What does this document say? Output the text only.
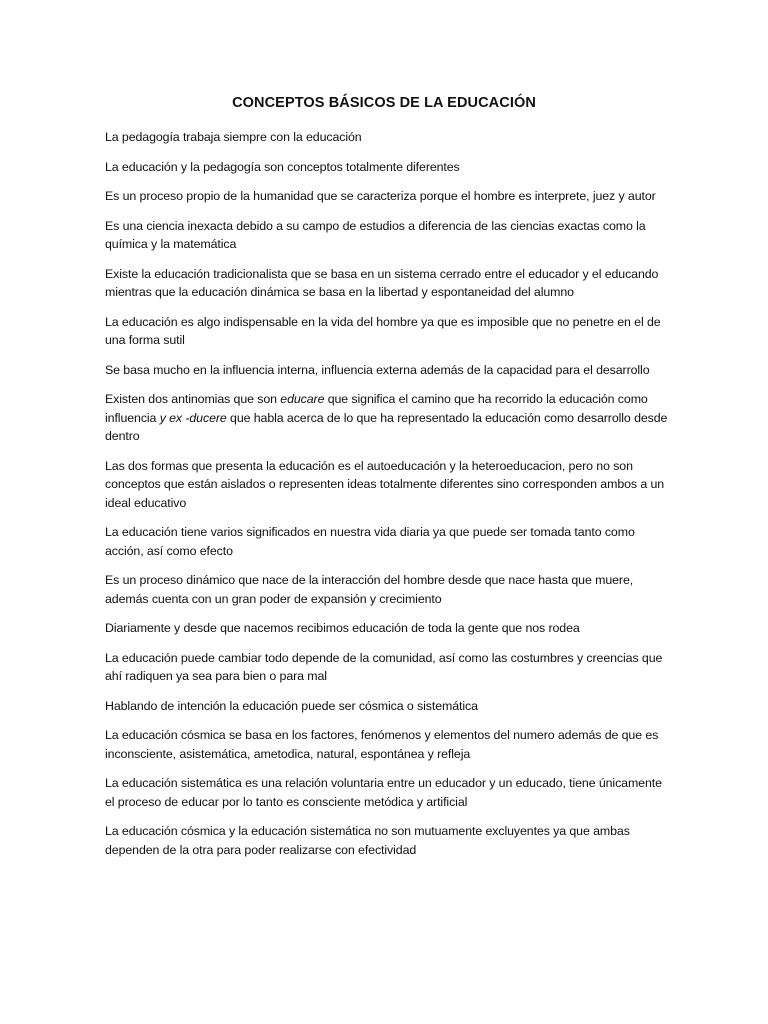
CONCEPTOS BÁSICOS DE LA EDUCACIÓN

La pedagogía trabaja siempre con la educación

La educación y la pedagogía son conceptos totalmente diferentes

Es un proceso propio de la humanidad que se caracteriza porque el hombre es interprete, juez y autor

Es una ciencia inexacta debido a su campo de estudios a diferencia de las ciencias exactas como la química y la matemática

Existe la educación tradicionalista que se basa en un sistema cerrado entre el educador y el educando mientras que la educación dinámica se basa en la libertad y espontaneidad del alumno

La educación es algo indispensable en la vida del hombre ya que es imposible que no penetre en el de una forma sutil

Se basa mucho en la influencia interna, influencia externa además de la capacidad para el desarrollo

Existen dos antinomias que son educare que significa el camino que ha recorrido la educación como influencia y ex -ducere que habla acerca de lo que ha representado la educación como desarrollo desde dentro

Las dos formas que presenta la educación es el autoeducación y la heteroeducacion, pero no son conceptos que están aislados o representen ideas totalmente diferentes sino corresponden ambos a un ideal educativo

La educación tiene varios significados en nuestra vida diaria ya que puede ser tomada tanto como acción, así como efecto

Es un proceso dinámico que nace de la interacción del hombre desde que nace hasta que muere, además cuenta con un gran poder de expansión y crecimiento

Diariamente y desde que nacemos recibimos educación de toda la gente que nos rodea

La educación puede cambiar todo depende de la comunidad, así como las costumbres y creencias que ahí radiquen ya sea para bien o para mal

Hablando de intención la educación puede ser cósmica o sistemática

La educación cósmica se basa en los factores, fenómenos y elementos del numero además de que es inconsciente, asistemática, ametodica, natural, espontánea y refleja

La educación sistemática es una relación voluntaria entre un educador y un educado, tiene únicamente el proceso de educar por lo tanto es consciente metódica y artificial

La educación cósmica y la educación sistemática no son mutuamente excluyentes ya que ambas dependen de la otra para poder realizarse con efectividad
